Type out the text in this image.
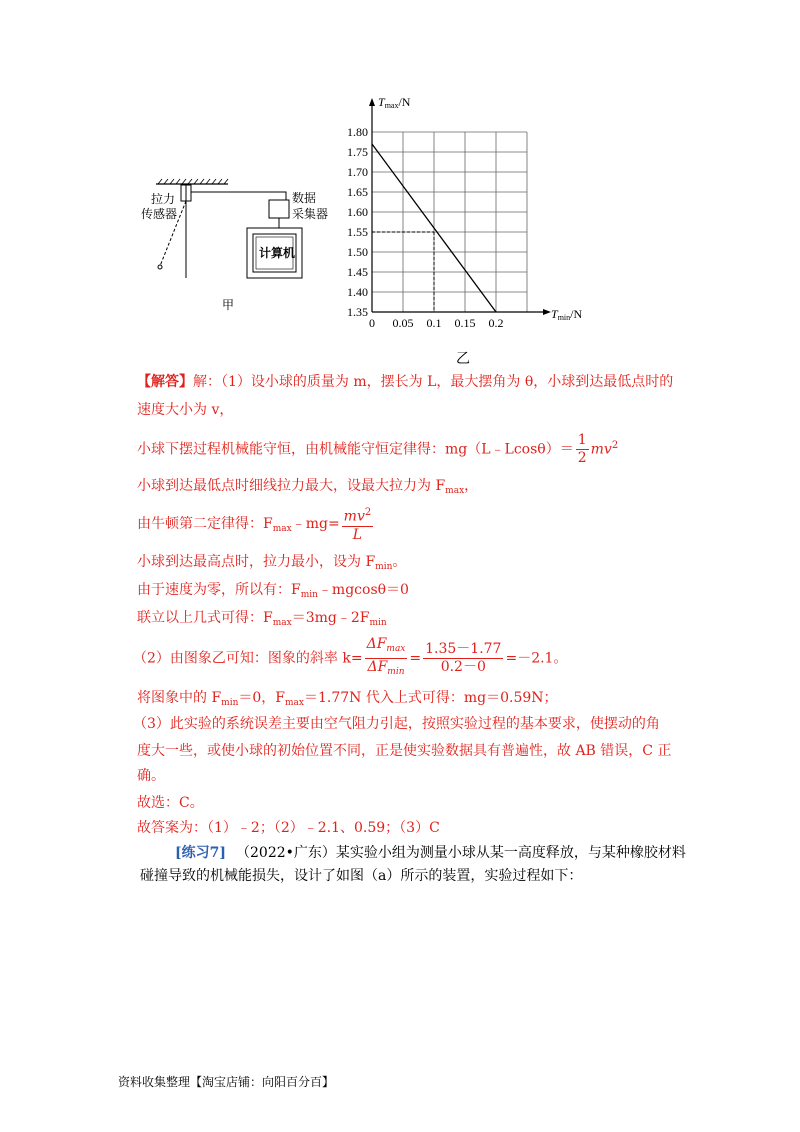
拉力
传感器
数据
采集器
计算机
甲	1.35
1.40
1.45
1.50
1.55
1.60
1.65
1.70
1.75
1.80
0 0.05 0.1 0.15 0.2
Tmax/N
Tmin/N
乙
【解答】解：（1）设小球的质量为 m，摆长为 L，最大摆角为 θ，小球到达最低点时的
速度大小为 v，
小球下摆过程机械能守恒，由机械能守恒定律得：mg（L﹣Lcosθ）＝ $\frac{1}{2} mv^2$
小球到达最低点时细线拉力最大，设最大拉力为 $F_{max}$，
由牛顿第二定律得：$F_{max}﹣mg= \frac{mv^2}{L}$
小球到达最高点时，拉力最小，设为 $F_{min}$。
由于速度为零，所以有：$F_{min}﹣mgcos\theta=0$
联立以上几式可得：$F_{max}=3mg﹣2F_{min}$
（2）由图象乙可知：图象的斜率 $k= \frac{\Delta F_{max}}{\Delta F_{min}} = \frac{1.35-1.77}{0.2-0} =-2.1$。
将图象中的 $F_{min}=0$，$F_{max}=1.77N$ 代入上式可得：mg＝0.59N；
（3）此实验的系统误差主要由空气阻力引起，按照实验过程的基本要求，使摆动的角
度大一些，或使小球的初始位置不同，正是使实验数据具有普遍性，故 AB 错误，C 正
确。
故选：C。
故答案为：（1）﹣2；（2）﹣2.1、0.59；（3）C
[练习7] （2022•广东）某实验小组为测量小球从某一高度释放，与某种橡胶材料
碰撞导致的机械能损失，设计了如图（a）所示的装置，实验过程如下：
资料收集整理【淘宝店铺：向阳百分百】
